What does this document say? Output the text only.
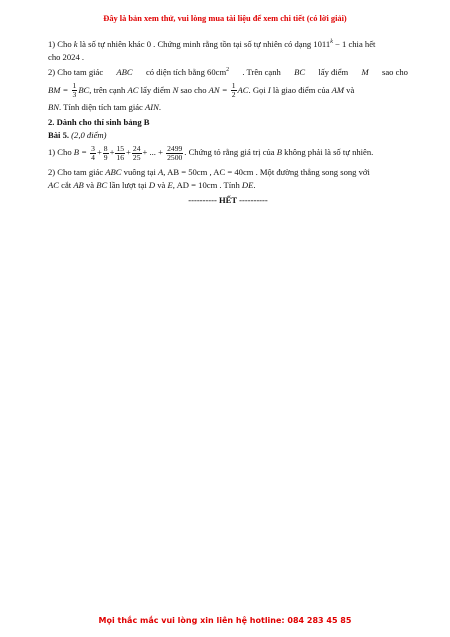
Đây là bản xem thử, vui lòng mua tài liệu để xem chi tiết (có lời giải)
1) Cho k là số tự nhiên khác 0 . Chứng minh rằng tồn tại số tự nhiên có dạng $1011^k - 1$ chia hết
cho 2024 .
2) Cho tam giác ABC có diện tích bằng $60cm^2$ . Trên cạnh BC lấy điểm M sao cho
BM = $\frac{1}{3}$ BC, trên cạnh AC lấy điểm N sao cho AN = $\frac{1}{2}$ AC. Gọi I là giao điểm của AM và
BN. Tính diện tích tam giác AIN.
2. Dành cho thí sinh bảng B
Bài 5. (2,0 điểm)
1) Cho $B = \frac{3}{4} + \frac{8}{9} + \frac{15}{16} + \frac{24}{25}$ + ... + $\frac{2499}{2500}$ . Chứng tỏ rằng giá trị của B không phải là số tự nhiên.
2) Cho tam giác ABC vuông tại A, AB = 50cm , AC = 40cm . Một đường thẳng song song với
AC cắt AB và BC lần lượt tại D và E, AD = 10cm . Tính DE.
---------- HẾT ----------
Mọi thắc mắc vui lòng xin liên hệ hotline: 084 283 45 85
